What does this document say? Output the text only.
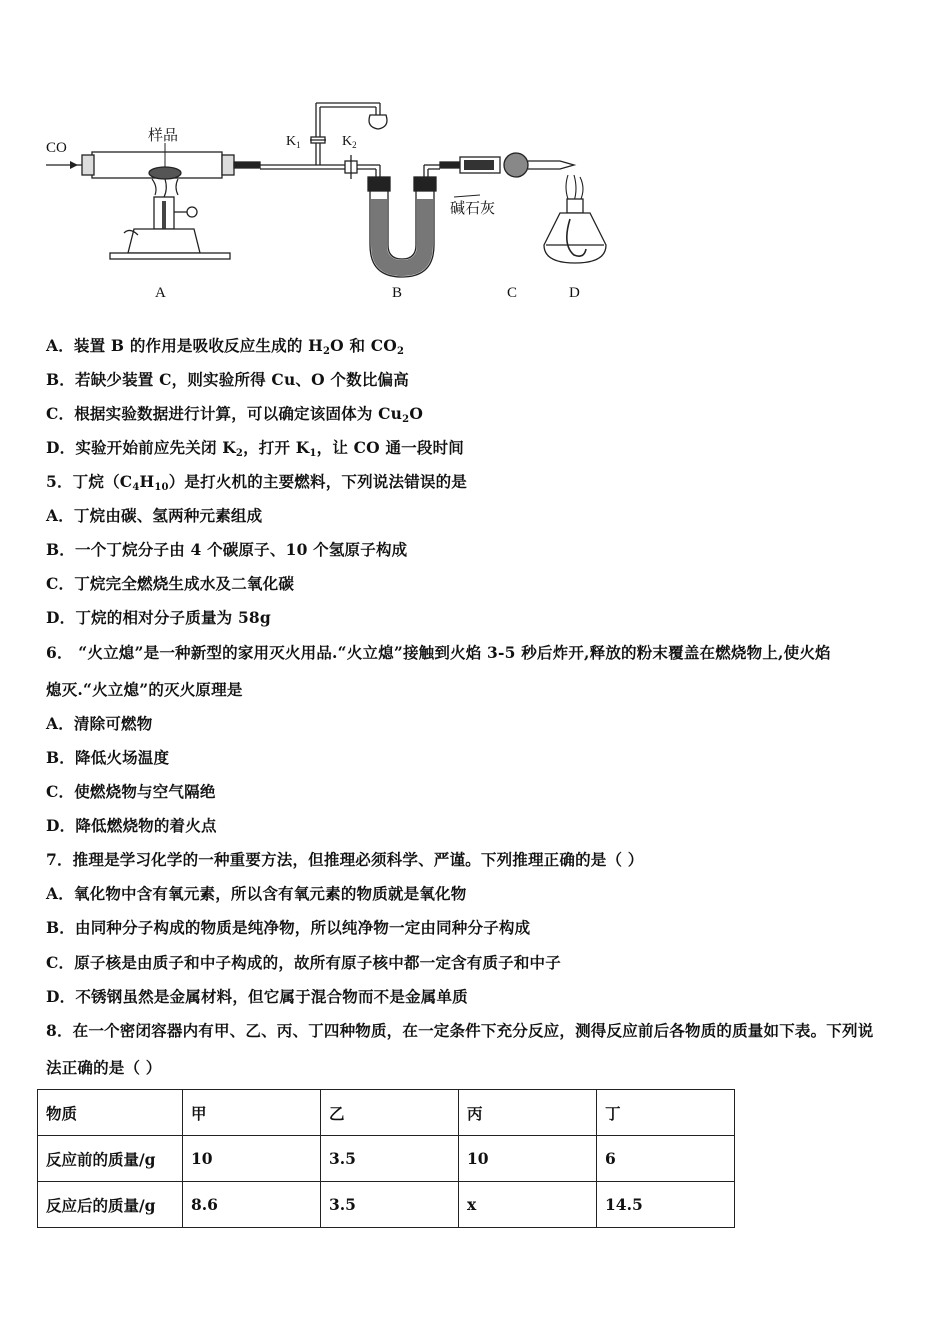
CO
样品	$K_1$	$K_2$
碱石灰
A	B	C	D
A．装置 B 的作用是吸收反应生成的 $H_2O$ 和 $CO_2$
B．若缺少装置 C，则实验所得 Cu、O 个数比偏高
C．根据实验数据进行计算，可以确定该固体为 $Cu_2O$
D．实验开始前应先关闭 $K_2$，打开 $K_1$，让 CO 通一段时间
5．丁烷$(C_4H_{10})$是打火机的主要燃料，下列说法错误的是
A．丁烷由碳、氢两种元素组成
B．一个丁烷分子由 4 个碳原子、10 个氢原子构成
C．丁烷完全燃烧生成水及二氧化碳
D．丁烷的相对分子质量为 58g
6． “火立熄”是一种新型的家用灭火用品.“火立熄”接触到火焰 3-5 秒后炸开,释放的粉末覆盖在燃烧物上,使火焰
熄灭.“火立熄”的灭火原理是
A．清除可燃物
B．降低火场温度
C．使燃烧物与空气隔绝
D．降低燃烧物的着火点
7．推理是学习化学的一种重要方法，但推理必须科学、严谨。下列推理正确的是（ ）
A．氧化物中含有氧元素，所以含有氧元素的物质就是氧化物
B．由同种分子构成的物质是纯净物，所以纯净物一定由同种分子构成
C．原子核是由质子和中子构成的，故所有原子核中都一定含有质子和中子
D．不锈钢虽然是金属材料，但它属于混合物而不是金属单质
8．在一个密闭容器内有甲、乙、丙、丁四种物质，在一定条件下充分反应，测得反应前后各物质的质量如下表。下列说
法正确的是（ ）
物质	甲	乙	丙	丁
反应前的质量/g	10	3.5	10	6
反应后的质量/g	8.6	3.5	x	14.5
